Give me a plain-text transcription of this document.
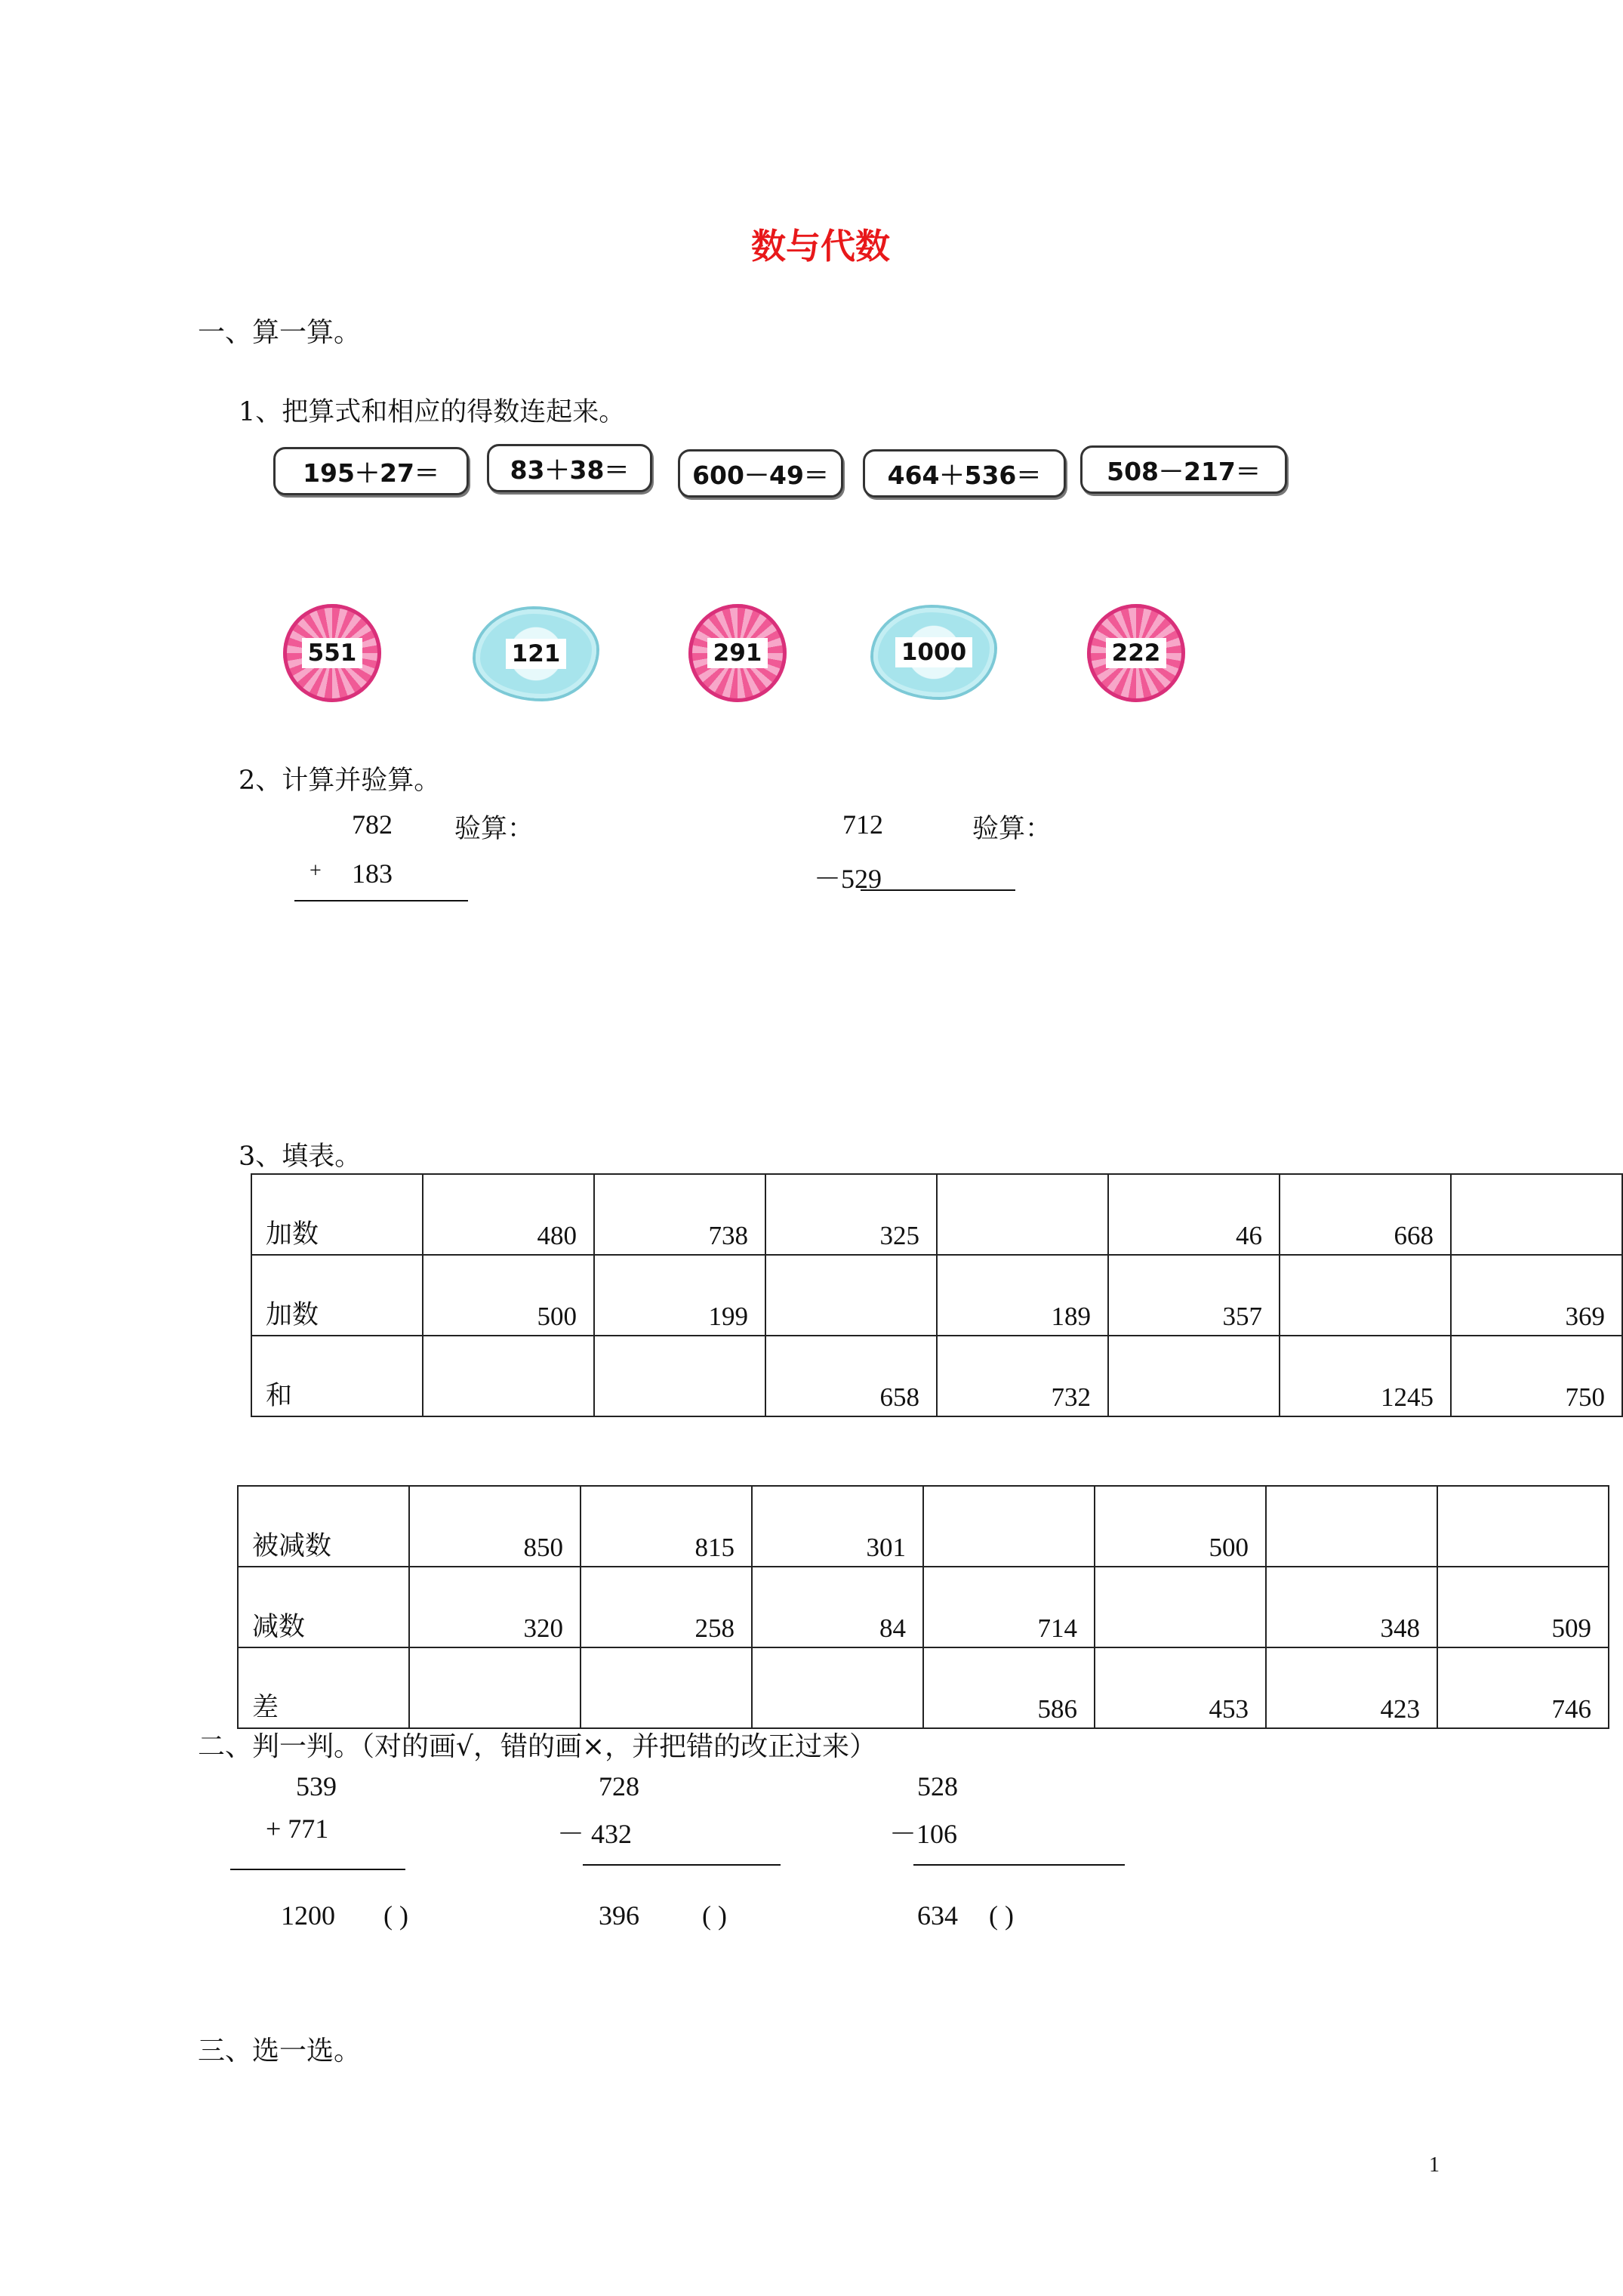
数与代数
一、算一算。
1、把算式和相应的得数连起来。
195＋27＝	83＋38＝	600－49＝	464＋536＝	508－217＝
551	121	291	1000	222
2、计算并验算。
782 验算：
+ 183
712	验算：
－529
3、填表。
加数	480	738	325		46	668	
加数	500	199		189	357		369
和			658	732		1245	750
被减数	850	815	301		500		
减数	320	258	84	714		348	509
差				586	453	423	746
二、判一判。（对的画√，错的画×，并把错的改正过来）
539
+ 771
1200 ( )
728
－ 432
396 ( )
528
－106
634 ( )
三、选一选。
1
